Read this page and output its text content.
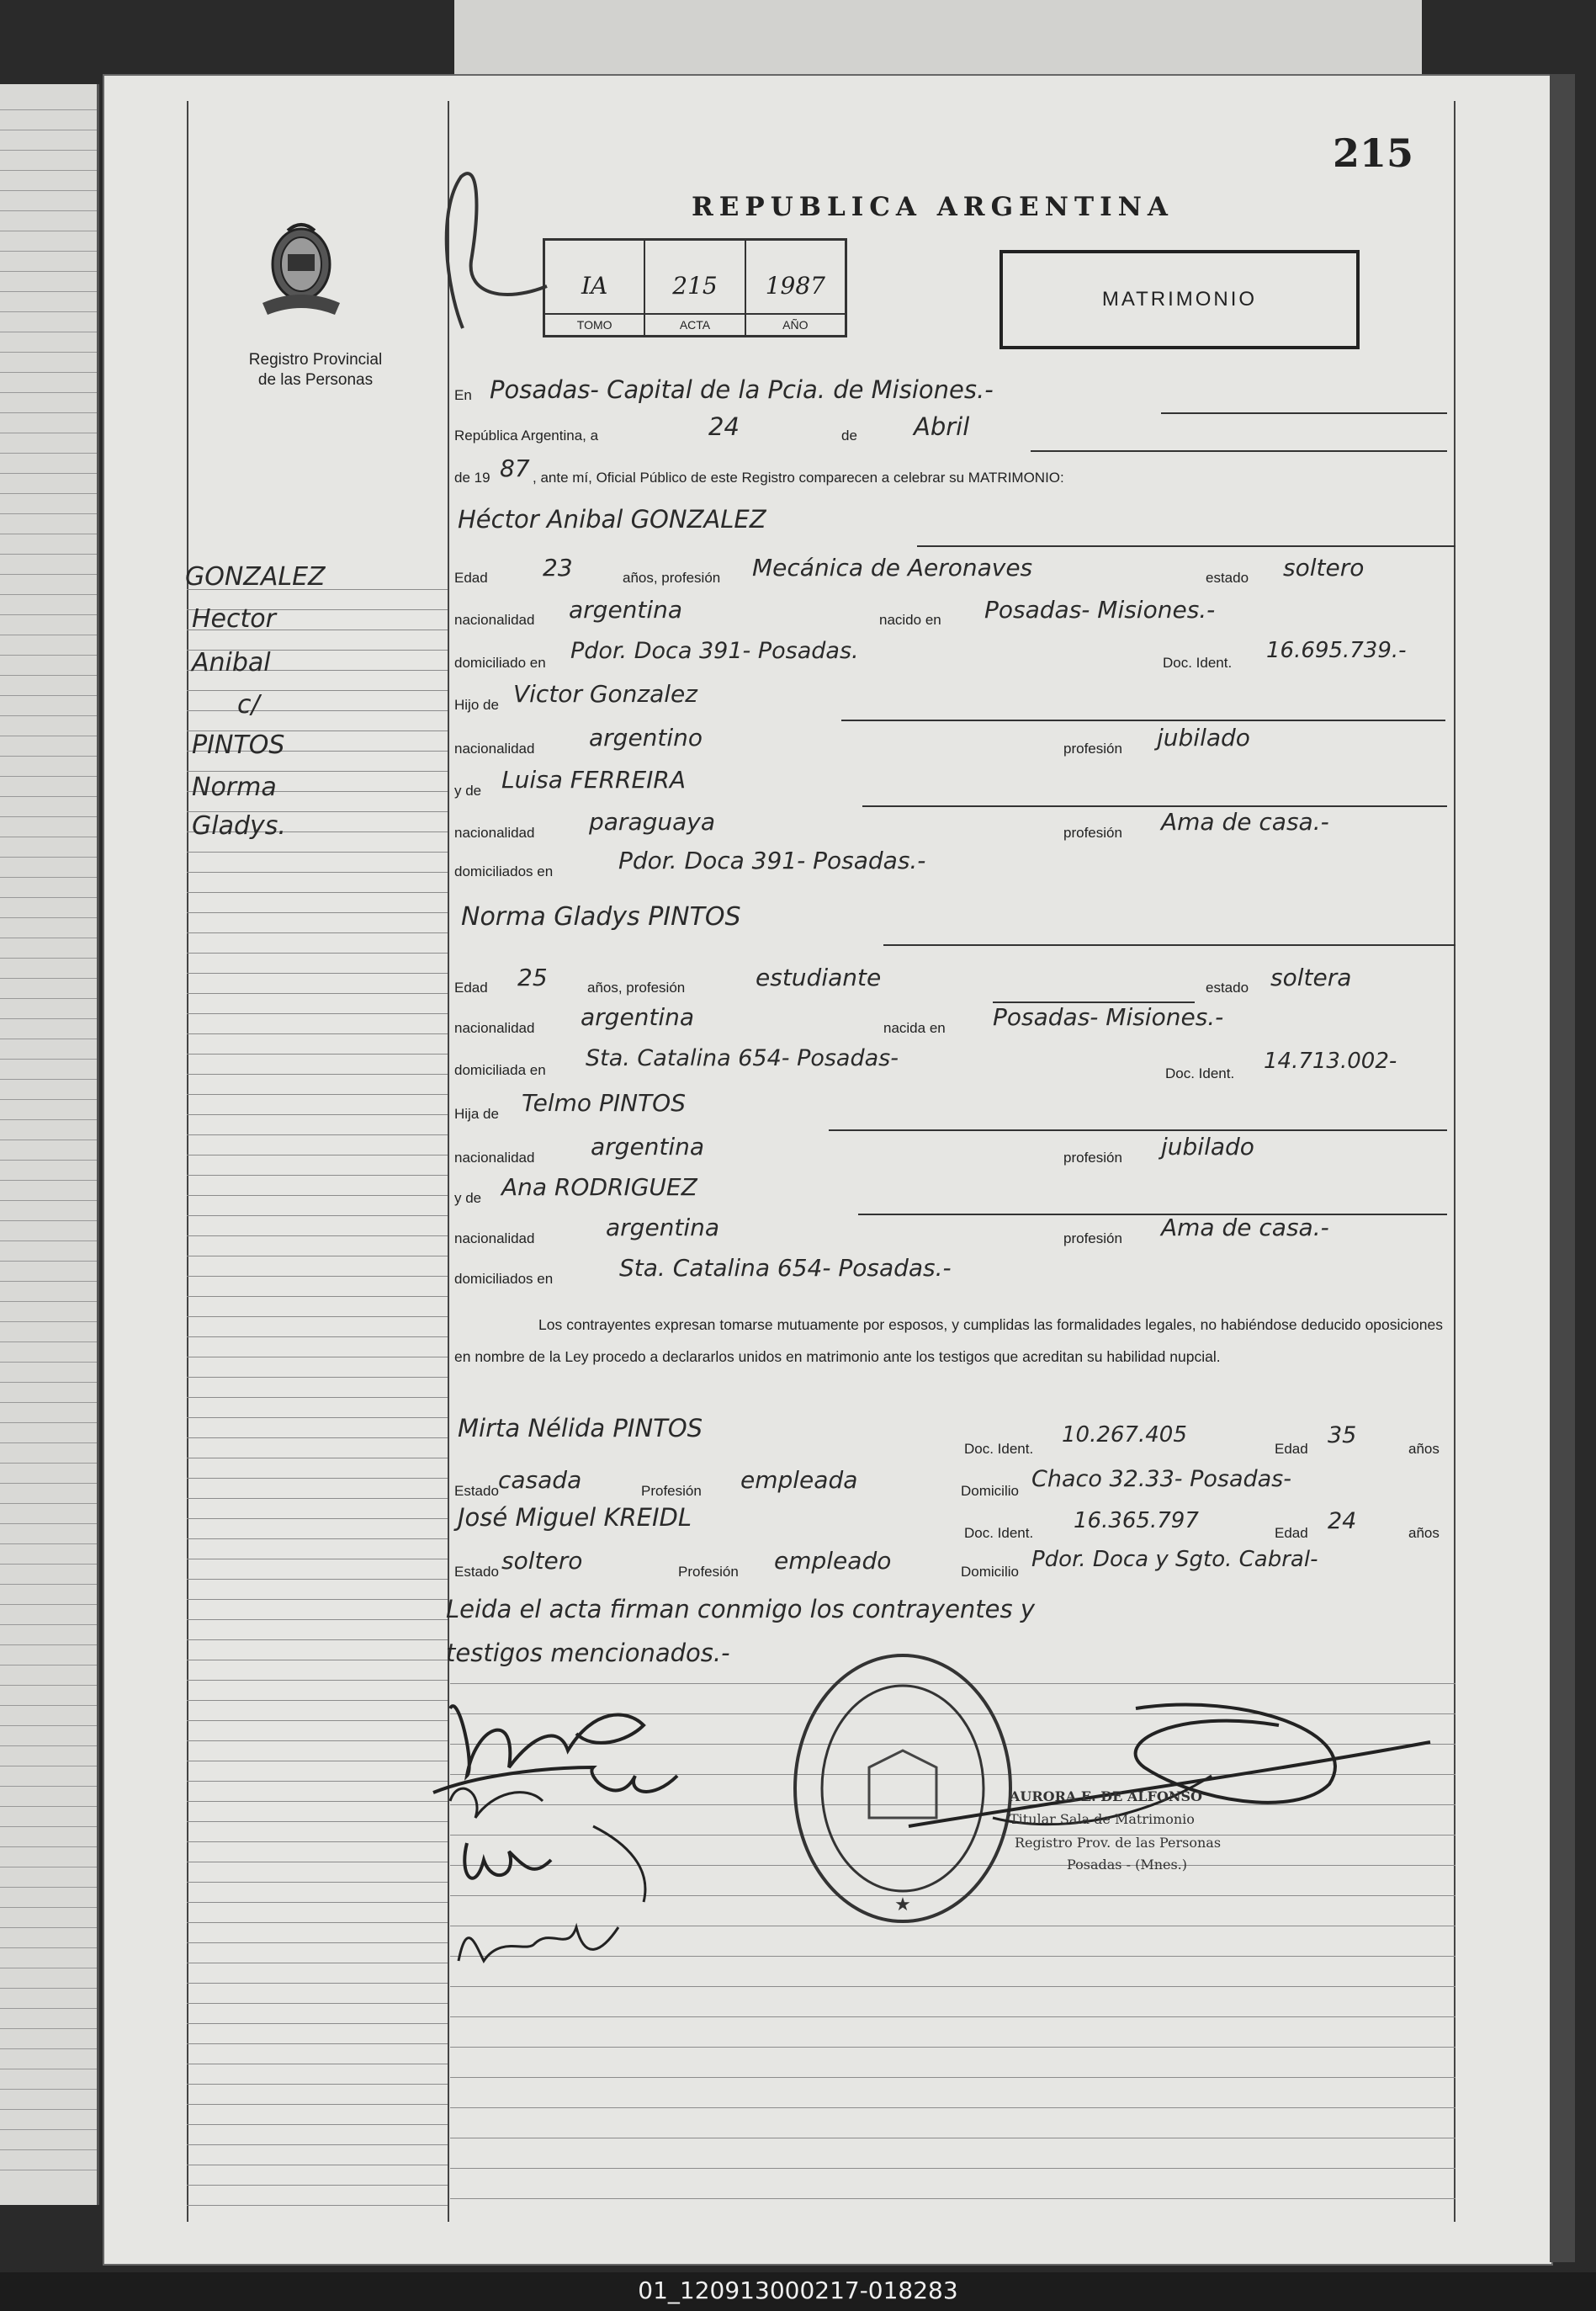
215
REPUBLICA ARGENTINA
Registro Provincial
de las Personas
IA
TOMO
215
ACTA
1987
AÑO
MATRIMONIO
GONZALEZ
Hector
Anibal
c/
PINTOS
Norma
Gladys.
En Posadas- Capital de la Pcia. de Misiones.-
República Argentina, a	24	de Abril
de 19 87 , ante mí, Oficial Público de este Registro comparecen a celebrar su MATRIMONIO:
Héctor Anibal GONZALEZ
Edad 23	años, profesión Mecánica de Aeronaves	estado soltero
nacionalidad argentina	nacido en Posadas- Misiones.-
domiciliado en Pdor. Doca 391- Posadas.	Doc. Ident. 16.695.739.-
Hijo de Victor Gonzalez
nacionalidad argentino	profesión jubilado
y de Luisa FERREIRA
nacionalidad paraguaya	profesión Ama de casa.-
domiciliados en	Pdor. Doca 391- Posadas.-
Norma Gladys PINTOS
Edad 25	años, profesión	estudiante	estado soltera
nacionalidad argentina	nacida en Posadas- Misiones.-
domiciliada en Sta. Catalina 654- Posadas-
Doc. Ident. 14.713.002-
Hija de Telmo PINTOS
nacionalidad argentina	profesión jubilado
y de Ana RODRIGUEZ
nacionalidad	argentina	profesión Ama de casa.-
domiciliados en	Sta. Catalina 654- Posadas.-
Los contrayentes expresan tomarse mutuamente por esposos, y cumplidas las formalidades legales, no habiéndose deducido oposiciones en nombre de la Ley procedo a declararlos unidos en matrimonio ante los testigos que acreditan su habilidad nupcial.
Mirta Nélida PINTOS
Doc. Ident.
10.267.405
Edad
35
años
Estado casada	Profesión empleada	Domicilio Chaco 32.33- Posadas-
José Miguel KREIDL
Doc. Ident. 16.365.797	Edad 24	años
Estado soltero	Profesión empleado	Domicilio Pdor. Doca y Sgto. Cabral-
Leida el acta firman conmigo los contrayentes y
testigos mencionados.-
★
AURORA E. DE ALFONSO
Titular Sala de Matrimonio
Registro Prov. de las Personas
Posadas - (Mnes.)
01_120913000217-018283
